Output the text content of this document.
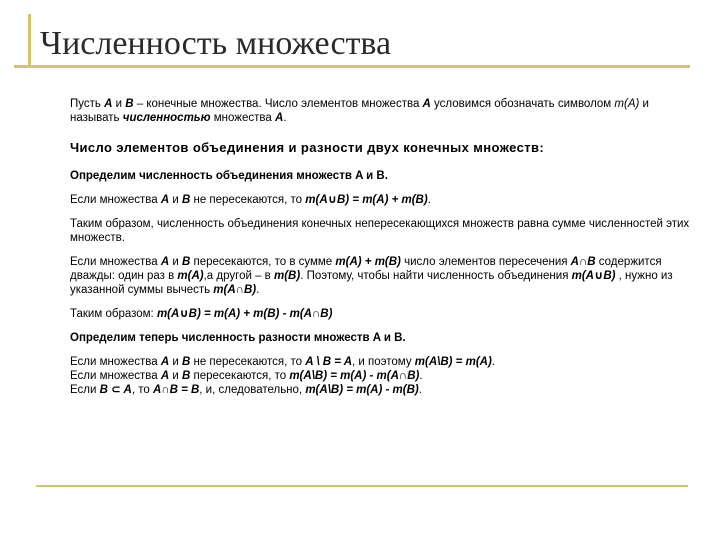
Численность множества

Пусть A и B – конечные множества. Число элементов множества A условимся обозначать символом m(A) и называть численностью множества A.

Число элементов объединения и разности двух конечных множеств:

Определим численность объединения множеств A и B.

Если множества A и B не пересекаются, то m(A∪B) = m(A) + m(B).

Таким образом, численность объединения конечных непересекающихся множеств равна сумме численностей этих множеств.

Если множества A и B пересекаются, то в сумме m(A) + m(B) число элементов пересечения A∩B содержится дважды: один раз в m(A),а другой – в m(B). Поэтому, чтобы найти численность объединения m(A∪B) , нужно из указанной суммы вычесть m(A∩B).

Таким образом: m(A∪B) = m(A) + m(B) - m(A∩B)

Определим теперь численность разности множеств A и B.

Если множества A и B не пересекаются, то A \ B = A, и поэтому m(A\B) = m(A).

Если множества A и B пересекаются, то m(A\B) = m(A) - m(A∩B).

Если B ⊂ A, то A∩B = B, и, следовательно, m(A\B) = m(A) - m(B).
